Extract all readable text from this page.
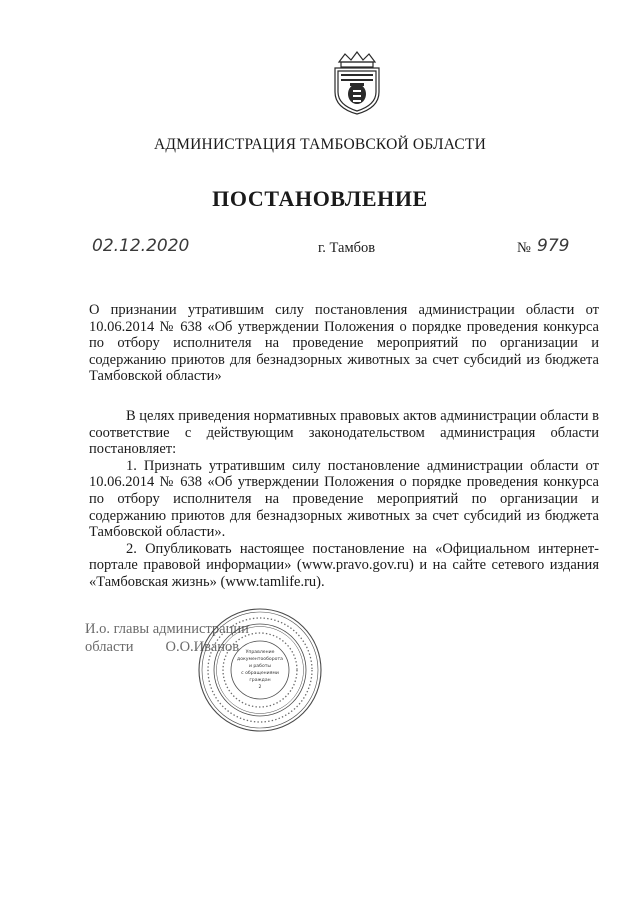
АДМИНИСТРАЦИЯ ТАМБОВСКОЙ ОБЛАСТИ
ПОСТАНОВЛЕНИЕ
02.12.2020	г. Тамбов	№ 979
О признании утратившим силу постановления администрации области от 10.06.2014 № 638 «Об утверждении Положения о порядке проведения конкурса по отбору исполнителя на проведение мероприятий по организации и содержанию приютов для безнадзорных животных за счет субсидий из бюджета Тамбовской области»

В целях приведения нормативных правовых актов администрации области в соответствие с действующим законодательством администрация области постановляет:

1. Признать утратившим силу постановление администрации области от 10.06.2014 № 638 «Об утверждении Положения о порядке проведения конкурса по отбору исполнителя на проведение мероприятий по организации и содержанию приютов для безнадзорных животных за счет субсидий из бюджета Тамбовской области».

2. Опубликовать настоящее постановление на «Официальном интернет-портале правовой информации» (www.pravo.gov.ru) и на сайте сетевого издания «Тамбовская жизнь» (www.tamlife.ru).

И.о. главы администрации
области О.О.Иванов Управление
документооборота
и работы
с обращениями
граждан
2
